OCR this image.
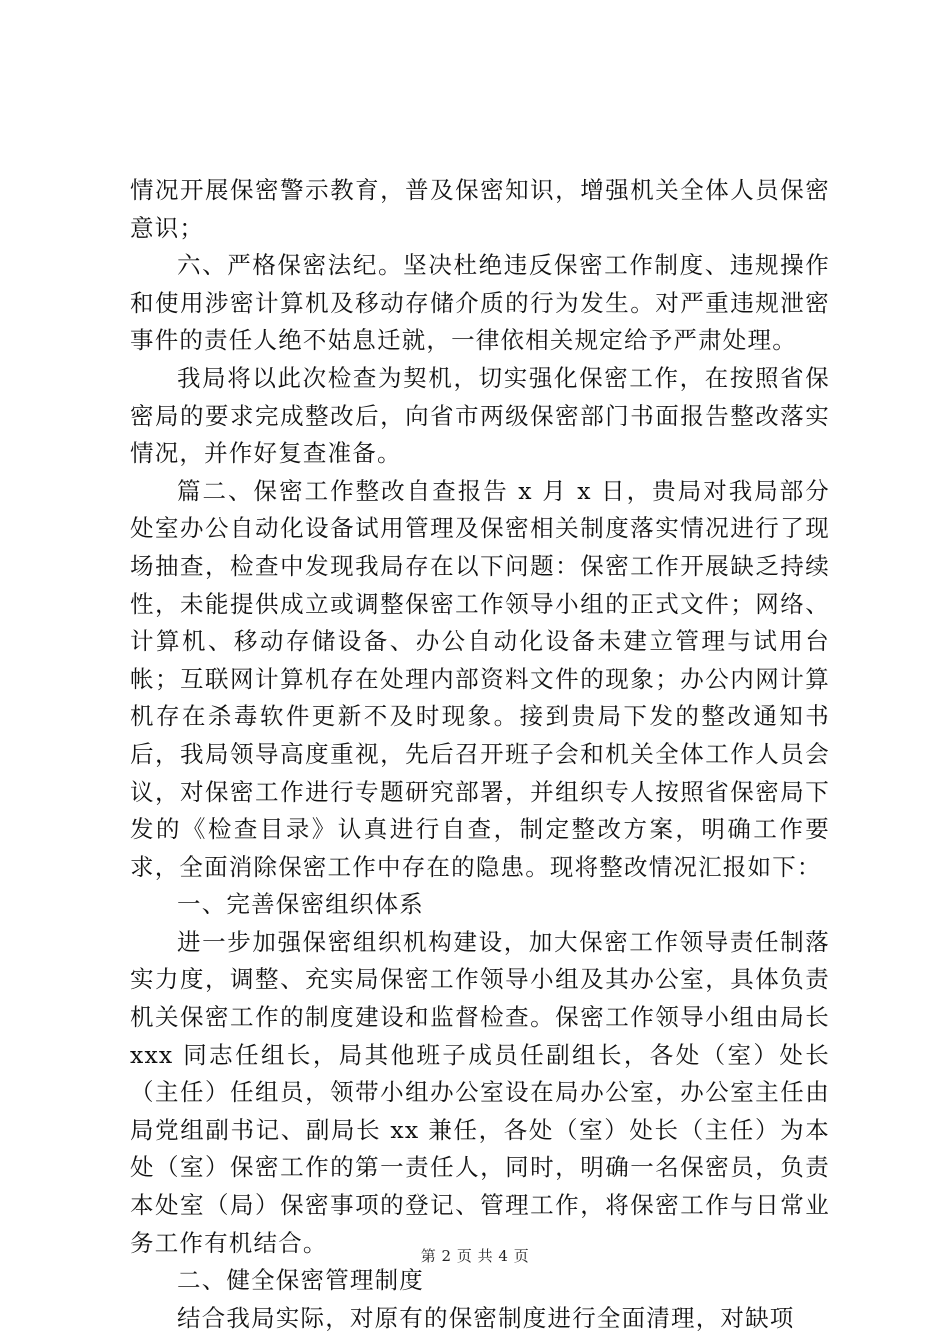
情况开展保密警示教育，普及保密知识，增强机关全体人员保密意识；

六、严格保密法纪。坚决杜绝违反保密工作制度、违规操作和使用涉密计算机及移动存储介质的行为发生。对严重违规泄密事件的责任人绝不姑息迁就，一律依相关规定给予严肃处理。

我局将以此次检查为契机，切实强化保密工作，在按照省保密局的要求完成整改后，向省市两级保密部门书面报告整改落实情况，并作好复查准备。

篇二、保密工作整改自查报告 x 月 x 日，贵局对我局部分处室办公自动化设备试用管理及保密相关制度落实情况进行了现场抽查，检查中发现我局存在以下问题：保密工作开展缺乏持续性，未能提供成立或调整保密工作领导小组的正式文件；网络、计算机、移动存储设备、办公自动化设备未建立管理与试用台帐；互联网计算机存在处理内部资料文件的现象；办公内网计算机存在杀毒软件更新不及时现象。接到贵局下发的整改通知书后，我局领导高度重视，先后召开班子会和机关全体工作人员会议，对保密工作进行专题研究部署，并组织专人按照省保密局下发的《检查目录》认真进行自查，制定整改方案，明确工作要求，全面消除保密工作中存在的隐患。现将整改情况汇报如下：

一、完善保密组织体系

进一步加强保密组织机构建设，加大保密工作领导责任制落实力度，调整、充实局保密工作领导小组及其办公室，具体负责机关保密工作的制度建设和监督检查。保密工作领导小组由局长 xxx 同志任组长，局其他班子成员任副组长，各处（室）处长（主任）任组员，领带小组办公室设在局办公室，办公室主任由局党组副书记、副局长 xx 兼任，各处（室）处长（主任）为本处（室）保密工作的第一责任人，同时，明确一名保密员，负责本处室（局）保密事项的登记、管理工作，将保密工作与日常业务工作有机结合。

二、健全保密管理制度

结合我局实际，对原有的保密制度进行全面清理，对缺项

第 2 页 共 4 页
